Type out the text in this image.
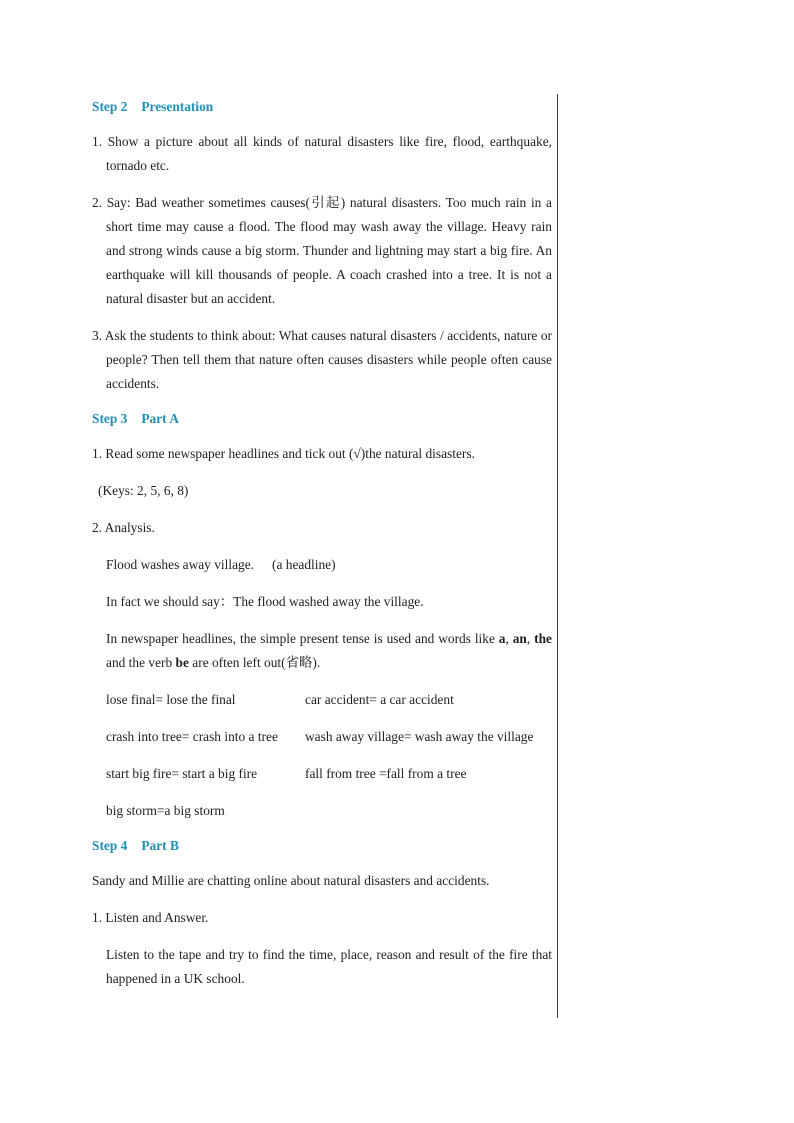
Step 2 Presentation
1. Show a picture about all kinds of natural disasters like fire, flood, earthquake, tornado etc.
2. Say: Bad weather sometimes causes(引起) natural disasters. Too much rain in a short time may cause a flood. The flood may wash away the village. Heavy rain and strong winds cause a big storm. Thunder and lightning may start a big fire. An earthquake will kill thousands of people. A coach crashed into a tree. It is not a natural disaster but an accident.
3. Ask the students to think about: What causes natural disasters / accidents, nature or people? Then tell them that nature often causes disasters while people often cause accidents.
Step 3 Part A
1. Read some newspaper headlines and tick out (√)the natural disasters.
(Keys: 2, 5, 6, 8)
2. Analysis.
Flood washes away village. (a headline)
In fact we should say：The flood washed away the village.
In newspaper headlines, the simple present tense is used and words like a, an, the and the verb be are often left out(省略).
lose final= lose the final	car accident= a car accident
crash into tree= crash into a tree	wash away village= wash away the village
start big fire= start a big fire	fall from tree =fall from a tree
big storm=a big storm
Step 4 Part B
Sandy and Millie are chatting online about natural disasters and accidents.
1. Listen and Answer.
Listen to the tape and try to find the time, place, reason and result of the fire that happened in a UK school.
